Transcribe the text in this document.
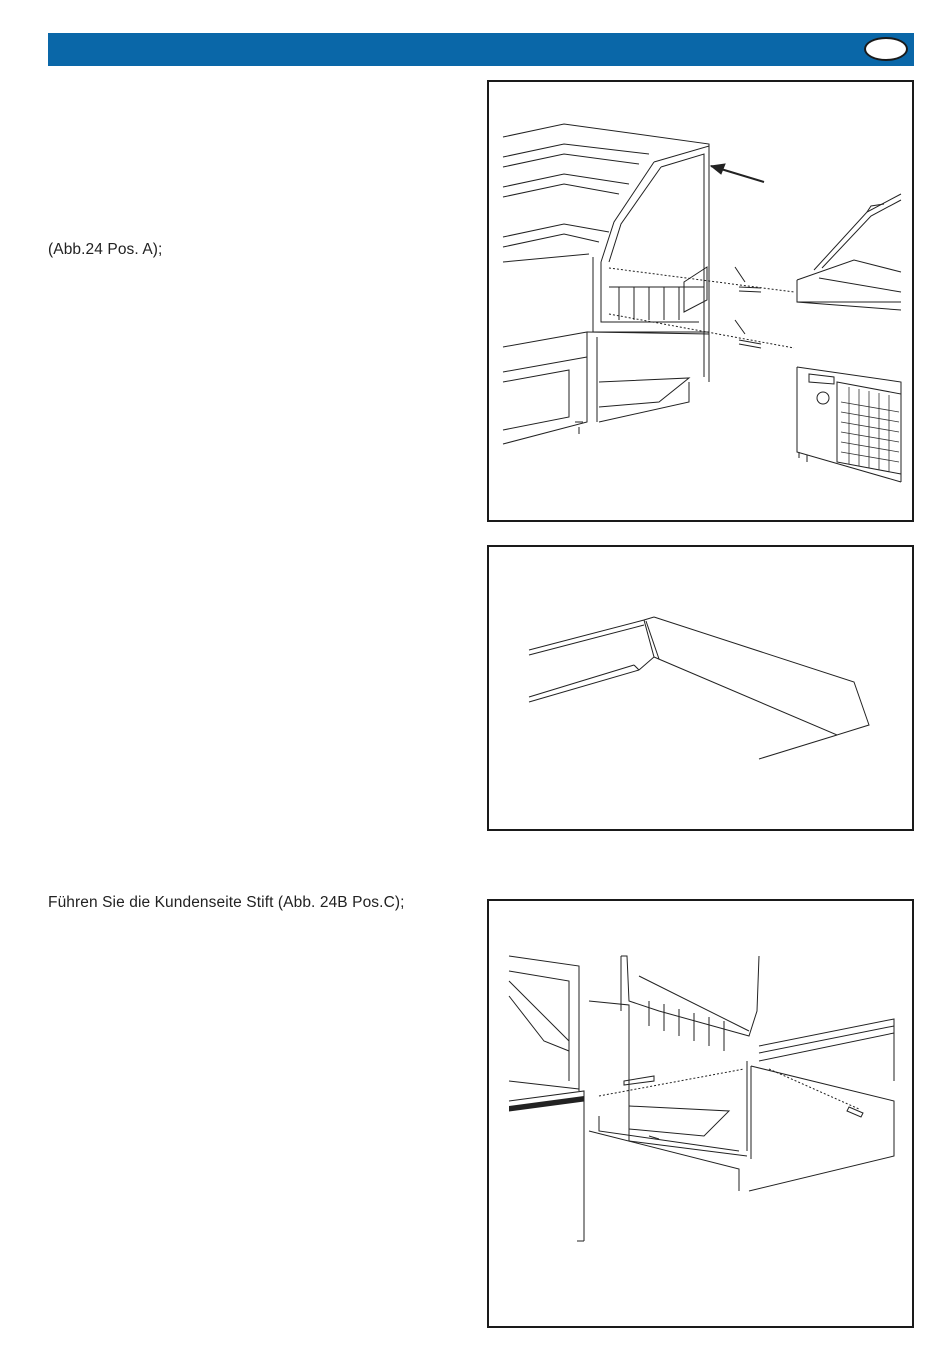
(Abb.24 Pos. A);
Führen Sie die Kundenseite Stift (Abb. 24B Pos.C);
